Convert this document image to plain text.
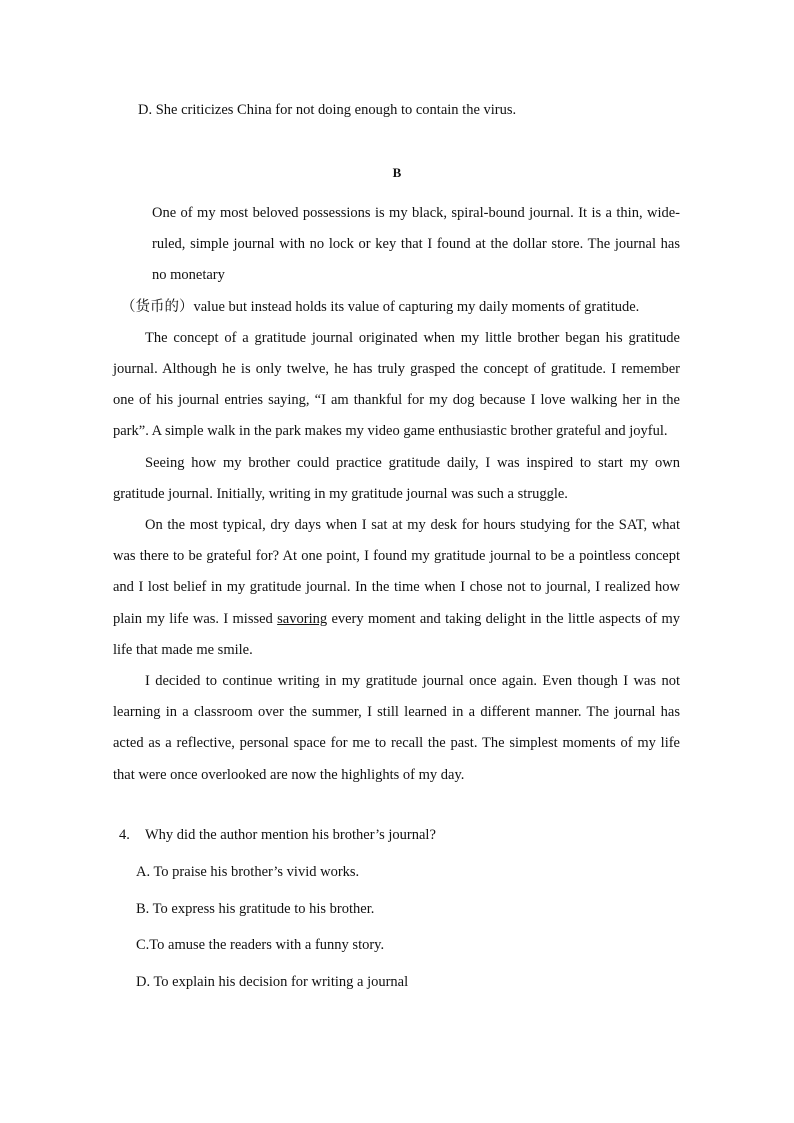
D. She criticizes China for not doing enough to contain the virus.
B

One of my most beloved possessions is my black, spiral-bound journal. It is a thin, wide-ruled, simple journal with no lock or key that I found at the dollar store. The journal has no monetary（货币的）value but instead holds its value of capturing my daily moments of gratitude.

The concept of a gratitude journal originated when my little brother began his gratitude journal. Although he is only twelve, he has truly grasped the concept of gratitude. I remember one of his journal entries saying, “I am thankful for my dog because I love walking her in the park”. A simple walk in the park makes my video game enthusiastic brother grateful and joyful.

Seeing how my brother could practice gratitude daily, I was inspired to start my own gratitude journal. Initially, writing in my gratitude journal was such a struggle.

On the most typical, dry days when I sat at my desk for hours studying for the SAT, what was there to be grateful for? At one point, I found my gratitude journal to be a pointless concept and I lost belief in my gratitude journal. In the time when I chose not to journal, I realized how plain my life was. I missed savoring every moment and taking delight in the little aspects of my life that made me smile.

I decided to continue writing in my gratitude journal once again. Even though I was not learning in a classroom over the summer, I still learned in a different manner. The journal has acted as a reflective, personal space for me to recall the past. The simplest moments of my life that were once overlooked are now the highlights of my day.

4. Why did the author mention his brother’s journal?
A. To praise his brother’s vivid works.
B. To express his gratitude to his brother.
C.To amuse the readers with a funny story.
D. To explain his decision for writing a journal
